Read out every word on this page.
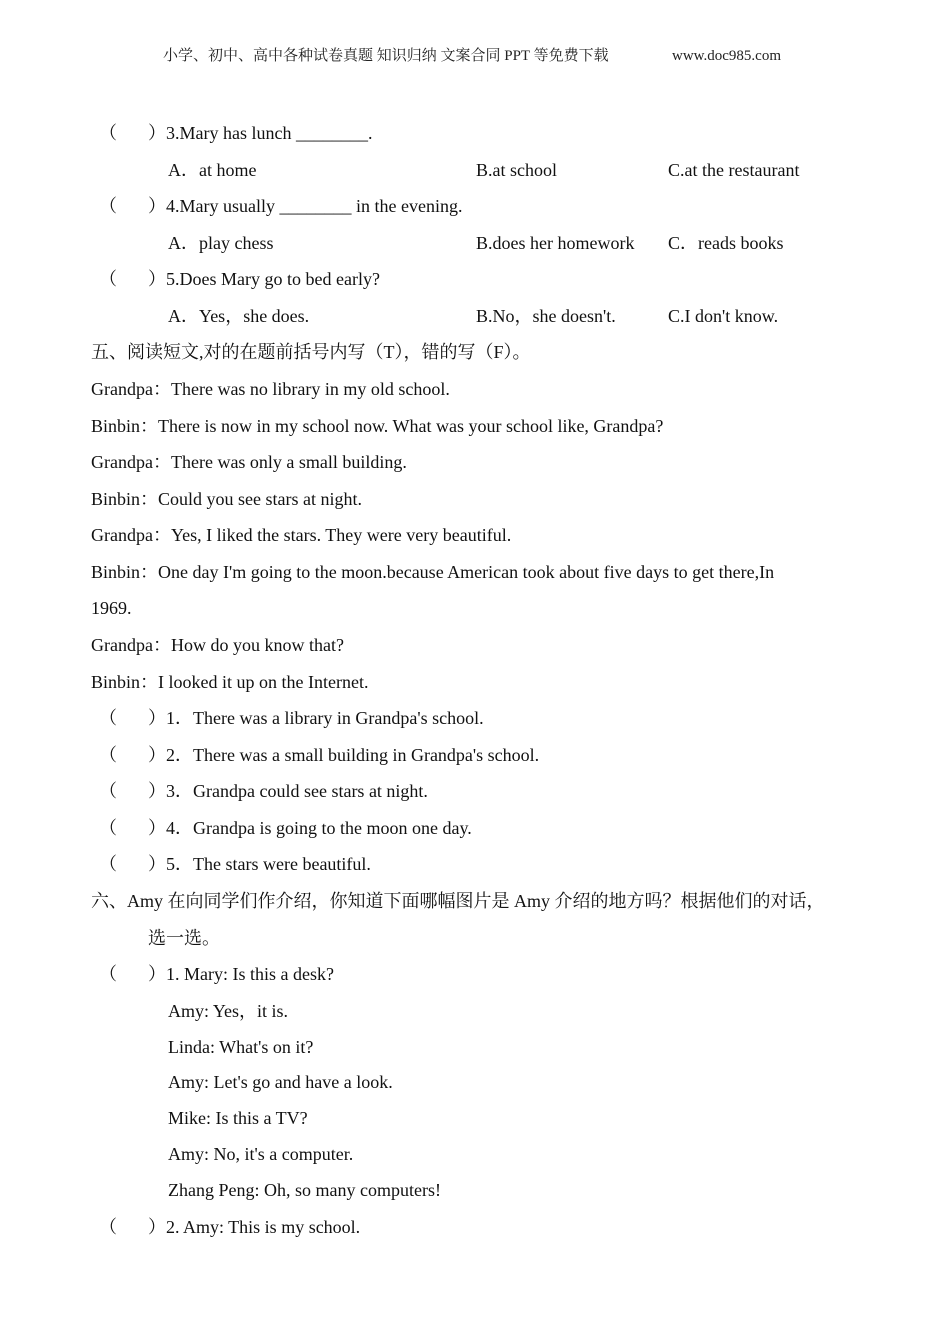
小学、初中、高中各种试卷真题 知识归纳 文案合同 PPT 等免费下载	www.doc985.com
（ ）3.Mary has lunch ________.
A．at home	B.at school	C.at the restaurant
（ ）4.Mary usually ________ in the evening.
A．play chess	B.does her homework C．reads books
（ ）5.Does Mary go to bed early?
A．Yes，she does.	B.No，she doesn't.	C.I don't know.
五、阅读短文,对的在题前括号内写（T），错的写（F）。
Grandpa：There was no library in my old school.
Binbin：There is now in my school now. What was your school like, Grandpa?
Grandpa：There was only a small building.
Binbin：Could you see stars at night.
Grandpa：Yes, I liked the stars. They were very beautiful.
Binbin：One day I'm going to the moon.because American took about five days to get there,In
1969.
Grandpa：How do you know that?
Binbin：I looked it up on the Internet.
（ ）1．There was a library in Grandpa's school.
（ ）2．There was a small building in Grandpa's school.
（ ）3．Grandpa could see stars at night.
（ ）4．Grandpa is going to the moon one day.
（ ）5．The stars were beautiful.
六、Amy 在向同学们作介绍，你知道下面哪幅图片是 Amy 介绍的地方吗？根据他们的对话，
选一选。
（ ）1. Mary: Is this a desk?
Amy: Yes，it is.
Linda: What's on it?
Amy: Let's go and have a look.
Mike: Is this a TV?
Amy: No, it's a computer.
Zhang Peng: Oh, so many computers!
（ ）2. Amy: This is my school.
